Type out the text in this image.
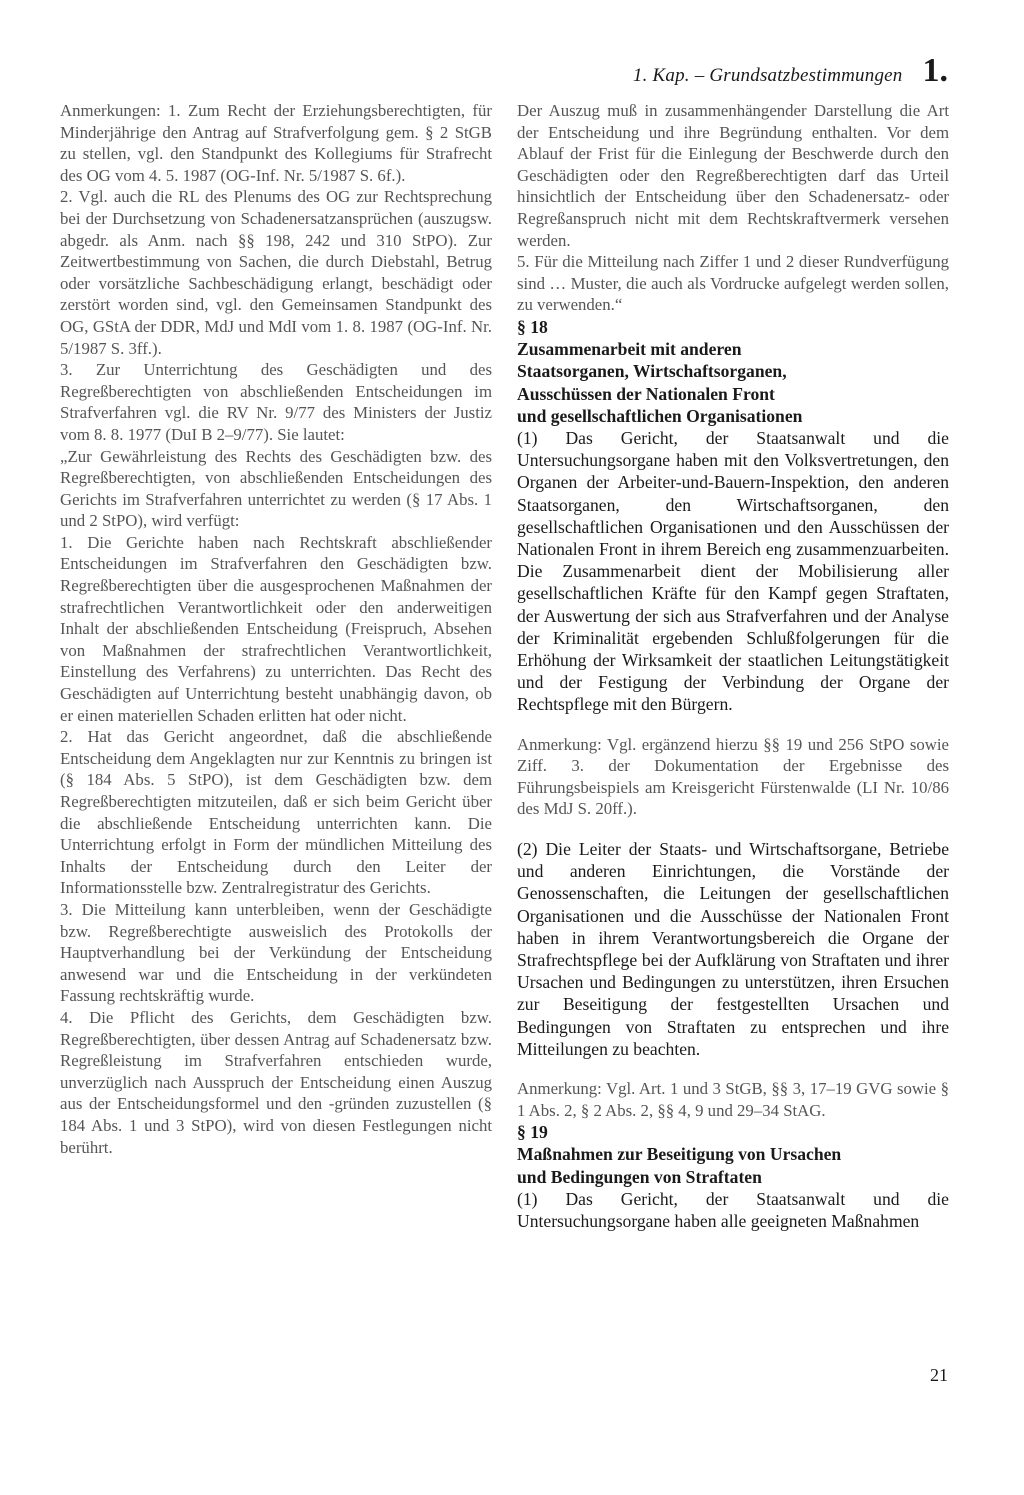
1. Kap. – Grundsatzbestimmungen 1.

Anmerkungen: 1. Zum Recht der Erziehungsberechtigten, für Minderjährige den Antrag auf Strafverfolgung gem. § 2 StGB zu stellen, vgl. den Standpunkt des Kollegiums für Strafrecht des OG vom 4. 5. 1987 (OG-Inf. Nr. 5/1987 S. 6f.).

2. Vgl. auch die RL des Plenums des OG zur Rechtsprechung bei der Durchsetzung von Schadenersatzansprüchen (auszugsw. abgedr. als Anm. nach §§ 198, 242 und 310 StPO). Zur Zeitwertbestimmung von Sachen, die durch Diebstahl, Betrug oder vorsätzliche Sachbeschädigung erlangt, beschädigt oder zerstört worden sind, vgl. den Gemeinsamen Standpunkt des OG, GStA der DDR, MdJ und MdI vom 1. 8. 1987 (OG-Inf. Nr. 5/1987 S. 3ff.).

3. Zur Unterrichtung des Geschädigten und des Regreßberechtigten von abschließenden Entscheidungen im Strafverfahren vgl. die RV Nr. 9/77 des Ministers der Justiz vom 8. 8. 1977 (DuI B 2–9/77). Sie lautet:

„Zur Gewährleistung des Rechts des Geschädigten bzw. des Regreßberechtigten, von abschließenden Entscheidungen des Gerichts im Strafverfahren unterrichtet zu werden (§ 17 Abs. 1 und 2 StPO), wird verfügt:

1. Die Gerichte haben nach Rechtskraft abschließender Entscheidungen im Strafverfahren den Geschädigten bzw. Regreßberechtigten über die ausgesprochenen Maßnahmen der strafrechtlichen Verantwortlichkeit oder den anderweitigen Inhalt der abschließenden Entscheidung (Freispruch, Absehen von Maßnahmen der strafrechtlichen Verantwortlichkeit, Einstellung des Verfahrens) zu unterrichten. Das Recht des Geschädigten auf Unterrichtung besteht unabhängig davon, ob er einen materiellen Schaden erlitten hat oder nicht.

2. Hat das Gericht angeordnet, daß die abschließende Entscheidung dem Angeklagten nur zur Kenntnis zu bringen ist (§ 184 Abs. 5 StPO), ist dem Geschädigten bzw. dem Regreßberechtigten mitzuteilen, daß er sich beim Gericht über die abschließende Entscheidung unterrichten kann. Die Unterrichtung erfolgt in Form der mündlichen Mitteilung des Inhalts der Entscheidung durch den Leiter der Informationsstelle bzw. Zentralregistratur des Gerichts.

3. Die Mitteilung kann unterbleiben, wenn der Geschädigte bzw. Regreßberechtigte ausweislich des Protokolls der Hauptverhandlung bei der Verkündung der Entscheidung anwesend war und die Entscheidung in der verkündeten Fassung rechtskräftig wurde.

4. Die Pflicht des Gerichts, dem Geschädigten bzw. Regreßberechtigten, über dessen Antrag auf Schadenersatz bzw. Regreßleistung im Strafverfahren entschieden wurde, unverzüglich nach Ausspruch der Entscheidung einen Auszug aus der Entscheidungsformel und den -gründen zuzustellen (§ 184 Abs. 1 und 3 StPO), wird von diesen Festlegungen nicht berührt.

Der Auszug muß in zusammenhängender Darstellung die Art der Entscheidung und ihre Begründung enthalten. Vor dem Ablauf der Frist für die Einlegung der Beschwerde durch den Geschädigten oder den Regreßberechtigten darf das Urteil hinsichtlich der Entscheidung über den Schadenersatz- oder Regreßanspruch nicht mit dem Rechtskraftvermerk versehen werden.

5. Für die Mitteilung nach Ziffer 1 und 2 dieser Rundverfügung sind … Muster, die auch als Vordrucke aufgelegt werden sollen, zu verwenden.“

§ 18

Zusammenarbeit mit anderen

Staatsorganen, Wirtschaftsorganen,

Ausschüssen der Nationalen Front

und gesellschaftlichen Organisationen

(1) Das Gericht, der Staatsanwalt und die Untersuchungsorgane haben mit den Volksvertretungen, den Organen der Arbeiter-und-Bauern-Inspektion, den anderen Staatsorganen, den Wirtschaftsorganen, den gesellschaftlichen Organisationen und den Ausschüssen der Nationalen Front in ihrem Bereich eng zusammenzuarbeiten. Die Zusammenarbeit dient der Mobilisierung aller gesellschaftlichen Kräfte für den Kampf gegen Straftaten, der Auswertung der sich aus Strafverfahren und der Analyse der Kriminalität ergebenden Schlußfolgerungen für die Erhöhung der Wirksamkeit der staatlichen Leitungstätigkeit und der Festigung der Verbindung der Organe der Rechtspflege mit den Bürgern.

Anmerkung: Vgl. ergänzend hierzu §§ 19 und 256 StPO sowie Ziff. 3. der Dokumentation der Ergebnisse des Führungsbeispiels am Kreisgericht Fürstenwalde (LI Nr. 10/86 des MdJ S. 20ff.).

(2) Die Leiter der Staats- und Wirtschaftsorgane, Betriebe und anderen Einrichtungen, die Vorstände der Genossenschaften, die Leitungen der gesellschaftlichen Organisationen und die Ausschüsse der Nationalen Front haben in ihrem Verantwortungsbereich die Organe der Strafrechtspflege bei der Aufklärung von Straftaten und ihrer Ursachen und Bedingungen zu unterstützen, ihren Ersuchen zur Beseitigung der festgestellten Ursachen und Bedingungen von Straftaten zu entsprechen und ihre Mitteilungen zu beachten.

Anmerkung: Vgl. Art. 1 und 3 StGB, §§ 3, 17–19 GVG sowie § 1 Abs. 2, § 2 Abs. 2, §§ 4, 9 und 29–34 StAG.

§ 19

Maßnahmen zur Beseitigung von Ursachen

und Bedingungen von Straftaten

(1) Das Gericht, der Staatsanwalt und die Untersuchungsorgane haben alle geeigneten Maßnahmen

21
